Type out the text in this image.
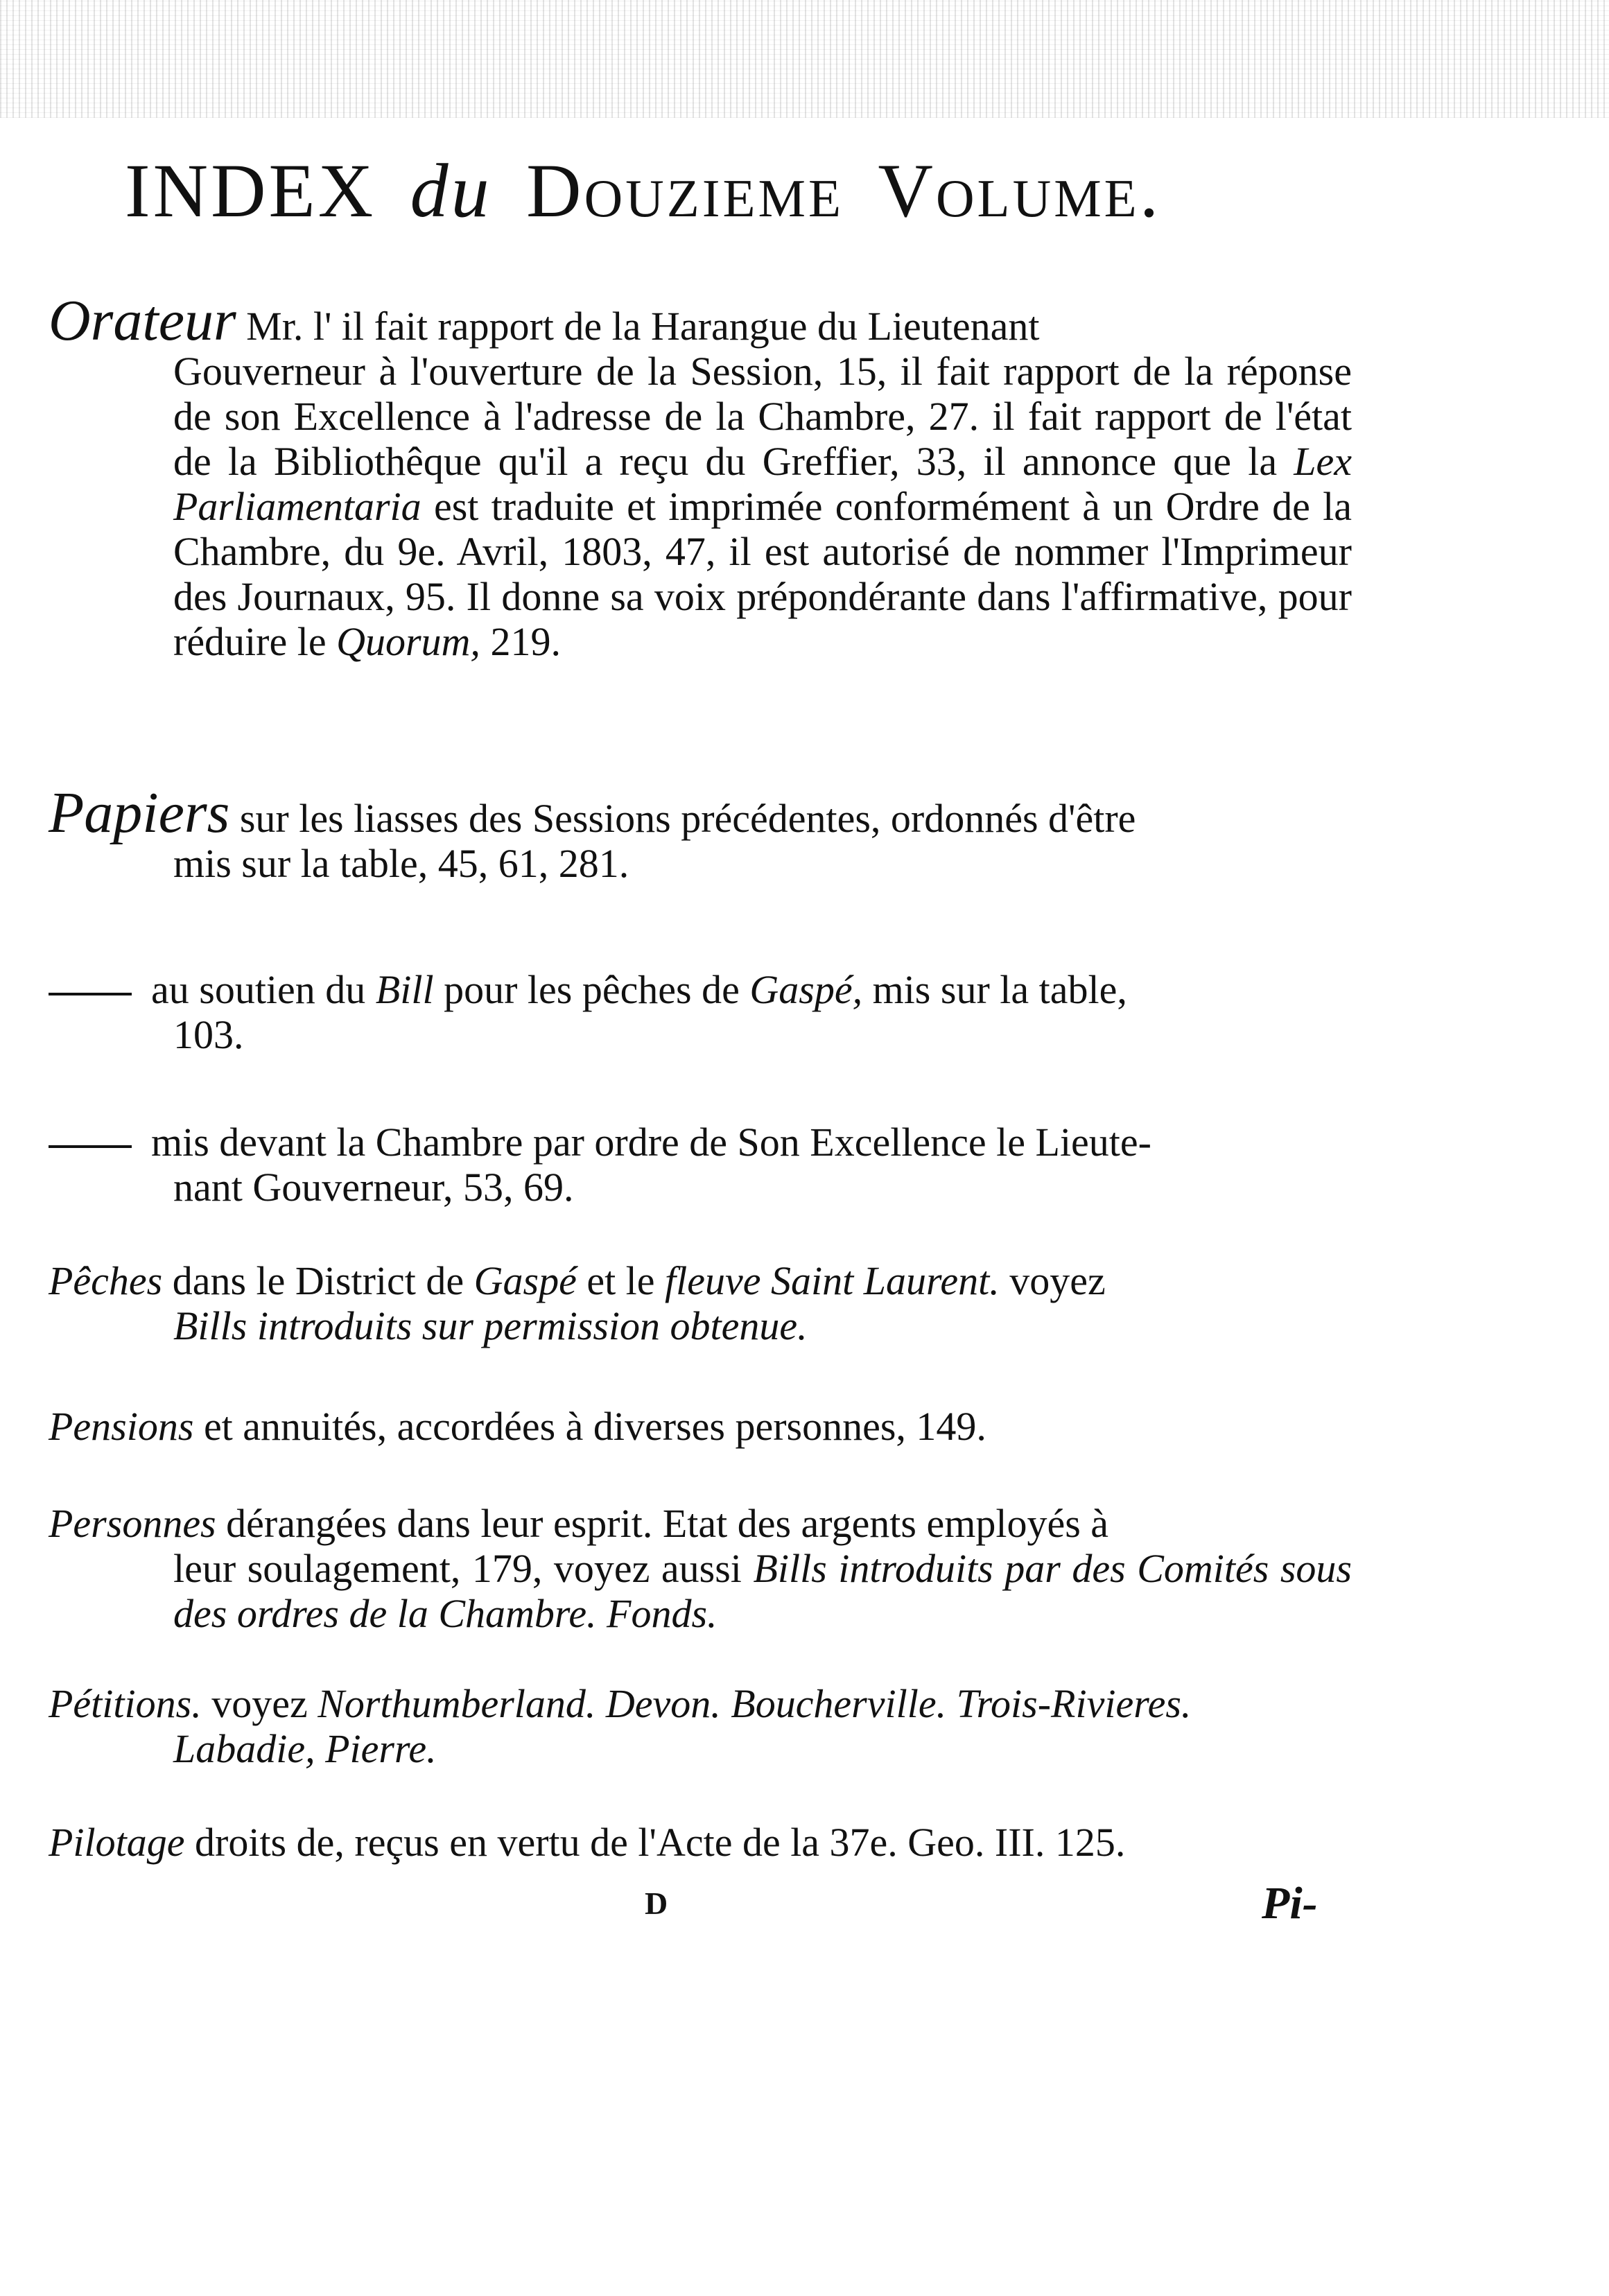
INDEX du Douzieme Volume.
Orateur Mr. l' il fait rapport de la Harangue du Lieutenant
Gouverneur à l'ouverture de la Session, 15, il fait rapport de la réponse de son Excellence à l'adresse de la Chambre, 27. il fait rapport de l'état de la Bibliothêque qu'il a reçu du Greffier, 33, il annonce que la Lex Parliamentaria est traduite et imprimée conformément à un Ordre de la Chambre, du 9e. Avril, 1803, 47, il est autorisé de nommer l'Imprimeur des Journaux, 95. Il donne sa voix prépondérante dans l'affirmative, pour réduire le Quorum, 219.
Papiers sur les liasses des Sessions précédentes, ordonnés d'être
mis sur la table, 45, 61, 281.
au soutien du Bill pour les pêches de Gaspé, mis sur la table,
103.
mis devant la Chambre par ordre de Son Excellence le Lieute-
nant Gouverneur, 53, 69.
Pêches dans le District de Gaspé et le fleuve Saint Laurent. voyez
Bills introduits sur permission obtenue.
Pensions et annuités, accordées à diverses personnes, 149.
Personnes dérangées dans leur esprit. Etat des argents employés à
leur soulagement, 179, voyez aussi Bills introduits par des Comités sous des ordres de la Chambre. Fonds.
Pétitions. voyez Northumberland. Devon. Boucherville. Trois-Rivieres.
Labadie, Pierre.
Pilotage droits de, reçus en vertu de l'Acte de la 37e. Geo. III. 125.
D	Pi-
